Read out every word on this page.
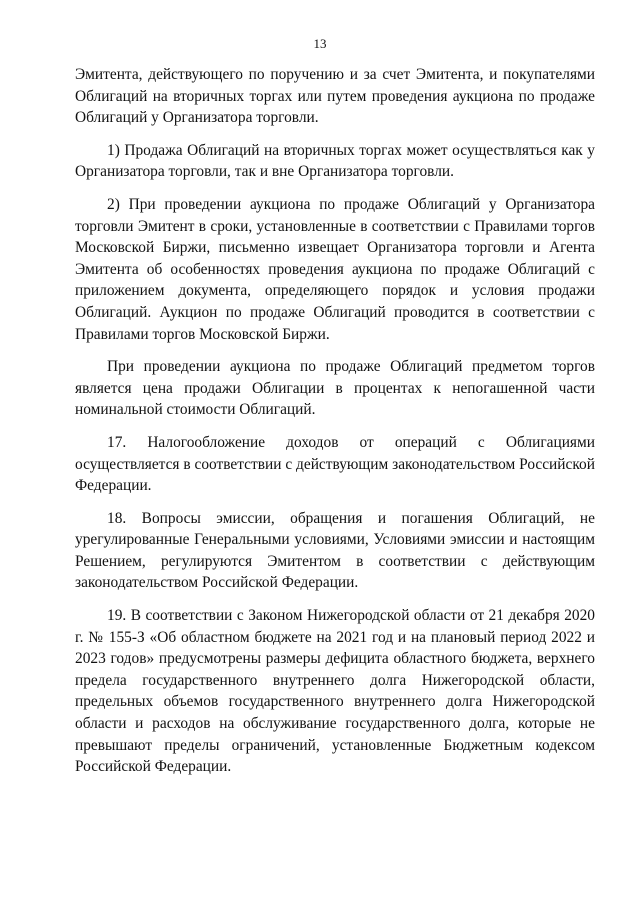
13

Эмитента, действующего по поручению и за счет Эмитента, и покупателями Облигаций на вторичных торгах или путем проведения аукциона по продаже Облигаций у Организатора торговли.

1) Продажа Облигаций на вторичных торгах может осуществляться как у Организатора торговли, так и вне Организатора торговли.

2) При проведении аукциона по продаже Облигаций у Организатора торговли Эмитент в сроки, установленные в соответствии с Правилами торгов Московской Биржи, письменно извещает Организатора торговли и Агента Эмитента об особенностях проведения аукциона по продаже Облигаций с приложением документа, определяющего порядок и условия продажи Облигаций. Аукцион по продаже Облигаций проводится в соответствии с Правилами торгов Московской Биржи.

При проведении аукциона по продаже Облигаций предметом торгов является цена продажи Облигации в процентах к непогашенной части номинальной стоимости Облигаций.

17. Налогообложение доходов от операций с Облигациями осуществляется в соответствии с действующим законодательством Российской Федерации.

18. Вопросы эмиссии, обращения и погашения Облигаций, не урегулированные Генеральными условиями, Условиями эмиссии и настоящим Решением, регулируются Эмитентом в соответствии с действующим законодательством Российской Федерации.

19. В соответствии с Законом Нижегородской области от 21 декабря 2020 г. № 155-З «Об областном бюджете на 2021 год и на плановый период 2022 и 2023 годов» предусмотрены размеры дефицита областного бюджета, верхнего предела государственного внутреннего долга Нижегородской области, предельных объемов государственного внутреннего долга Нижегородской области и расходов на обслуживание государственного долга, которые не превышают пределы ограничений, установленные Бюджетным кодексом Российской Федерации.
